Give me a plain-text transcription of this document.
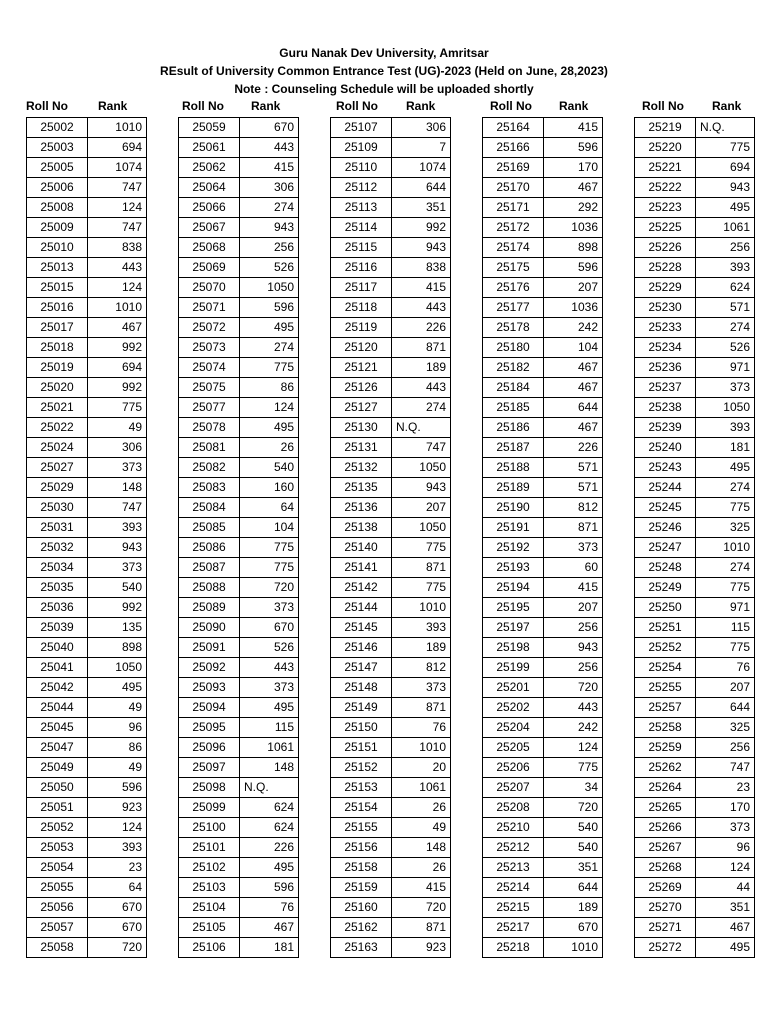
Guru Nanak Dev University, Amritsar
REsult of University Common Entrance Test (UG)-2023 (Held on June, 28,2023)
Note : Counseling Schedule will be uploaded shortly
Roll No	Rank
25002	1010
25003	694
25005	1074
25006	747
25008	124
25009	747
25010	838
25013	443
25015	124
25016	1010
25017	467
25018	992
25019	694
25020	992
25021	775
25022	49
25024	306
25027	373
25029	148
25030	747
25031	393
25032	943
25034	373
25035	540
25036	992
25039	135
25040	898
25041	1050
25042	495
25044	49
25045	96
25047	86
25049	49
25050	596
25051	923
25052	124
25053	393
25054	23
25055	64
25056	670
25057	670
25058	720
Roll No Rank
25059	670
25061	443
25062	415
25064	306
25066	274
25067	943
25068	256
25069	526
25070	1050
25071	596
25072	495
25073	274
25074	775
25075	86
25077	124
25078	495
25081	26
25082	540
25083	160
25084	64
25085	104
25086	775
25087	775
25088	720
25089	373
25090	670
25091	526
25092	443
25093	373
25094	495
25095	115
25096	1061
25097	148
25098	N.Q.
25099	624
25100	624
25101	226
25102	495
25103	596
25104	76
25105	467
25106	181
Roll No Rank
25107	306
25109	7
25110	1074
25112	644
25113	351
25114	992
25115	943
25116	838
25117	415
25118	443
25119	226
25120	871
25121	189
25126	443
25127	274
25130	N.Q.
25131	747
25132	1050
25135	943
25136	207
25138	1050
25140	775
25141	871
25142	775
25144	1010
25145	393
25146	189
25147	812
25148	373
25149	871
25150	76
25151	1010
25152	20
25153	1061
25154	26
25155	49
25156	148
25158	26
25159	415
25160	720
25162	871
25163	923
Roll No Rank
25164	415
25166	596
25169	170
25170	467
25171	292
25172	1036
25174	898
25175	596
25176	207
25177	1036
25178	242
25180	104
25182	467
25184	467
25185	644
25186	467
25187	226
25188	571
25189	571
25190	812
25191	871
25192	373
25193	60
25194	415
25195	207
25197	256
25198	943
25199	256
25201	720
25202	443
25204	242
25205	124
25206	775
25207	34
25208	720
25210	540
25212	540
25213	351
25214	644
25215	189
25217	670
25218	1010
Roll No Rank
25219	N.Q.
25220	775
25221	694
25222	943
25223	495
25225	1061
25226	256
25228	393
25229	624
25230	571
25233	274
25234	526
25236	971
25237	373
25238	1050
25239	393
25240	181
25243	495
25244	274
25245	775
25246	325
25247	1010
25248	274
25249	775
25250	971
25251	115
25252	775
25254	76
25255	207
25257	644
25258	325
25259	256
25262	747
25264	23
25265	170
25266	373
25267	96
25268	124
25269	44
25270	351
25271	467
25272	495
